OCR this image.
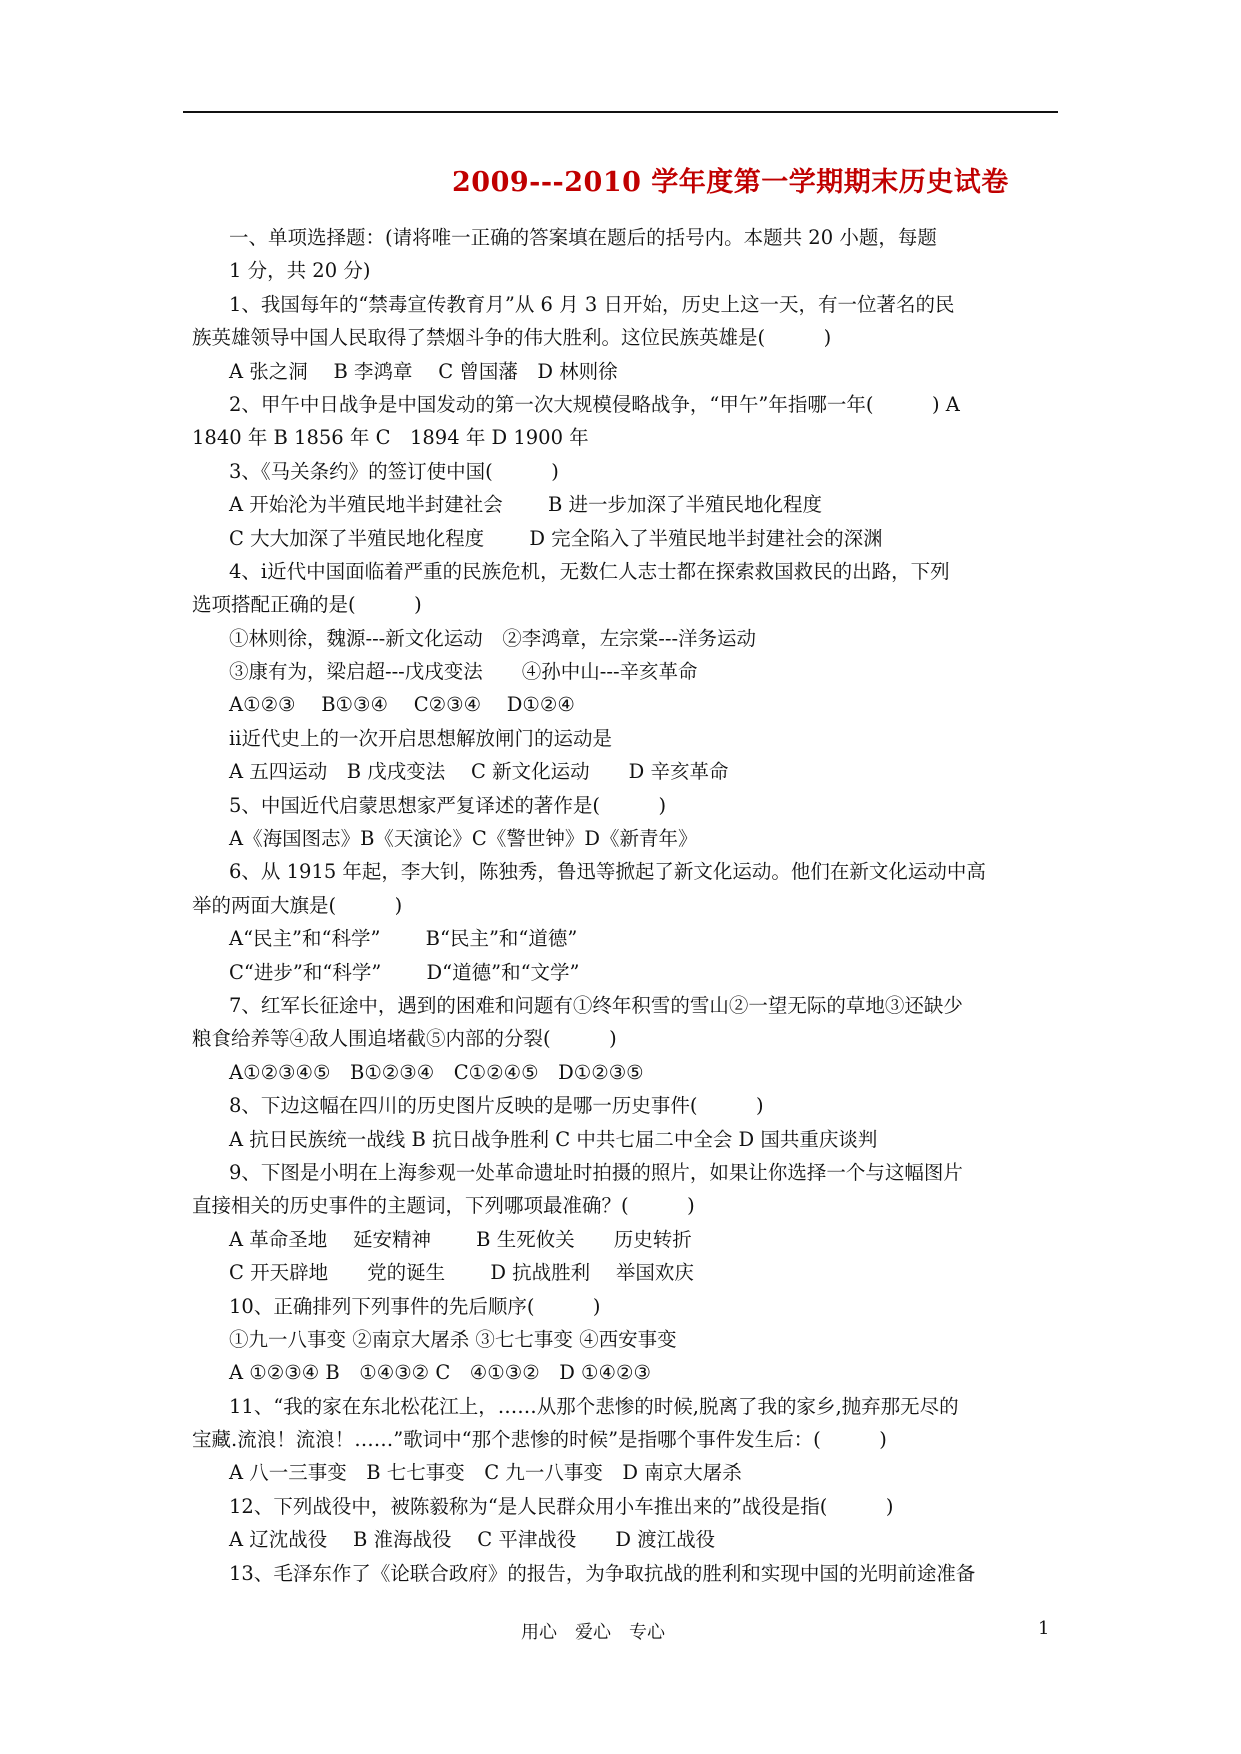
2009---2010 学年度第一学期期末历史试卷
一、单项选择题：(请将唯一正确的答案填在题后的括号内。本题共 20 小题，每题
1 分，共 20 分)
1、我国每年的“禁毒宣传教育月”从 6 月 3 日开始，历史上这一天，有一位著名的民
族英雄领导中国人民取得了禁烟斗争的伟大胜利。这位民族英雄是(　　　)
A 张之洞　 B 李鸿章　 C 曾国藩　D 林则徐
2、甲午中日战争是中国发动的第一次大规模侵略战争，“甲午”年指哪一年(　　　) A
1840 年 B 1856 年 C　1894 年 D 1900 年
3、《马关条约》的签订使中国(　　　)
A 开始沦为半殖民地半封建社会　　 B 进一步加深了半殖民地化程度
C 大大加深了半殖民地化程度　　 D 完全陷入了半殖民地半封建社会的深渊
4、ⅰ近代中国面临着严重的民族危机，无数仁人志士都在探索救国救民的出路，下列
选项搭配正确的是(　　　)
①林则徐，魏源---新文化运动　②李鸿章，左宗棠---洋务运动
③康有为，梁启超---戊戌变法　　④孙中山---辛亥革命
A①②③　 B①③④　 C②③④　 D①②④
ⅱ近代史上的一次开启思想解放闸门的运动是
A 五四运动　B 戊戌变法　 C 新文化运动　　D 辛亥革命
5、中国近代启蒙思想家严复译述的著作是(　　　)
A《海国图志》B《天演论》C《警世钟》D《新青年》
6、从 1915 年起，李大钊，陈独秀，鲁迅等掀起了新文化运动。他们在新文化运动中高
举的两面大旗是(　　　)
A“民主”和“科学”　　 B“民主”和“道德”
C“进步”和“科学”　　 D“道德”和“文学”
7、红军长征途中，遇到的困难和问题有①终年积雪的雪山②一望无际的草地③还缺少
粮食给养等④敌人围追堵截⑤内部的分裂(　　　)
A①②③④⑤　B①②③④　C①②④⑤　D①②③⑤
8、下边这幅在四川的历史图片反映的是哪一历史事件(　　　)
A 抗日民族统一战线 B 抗日战争胜利 C 中共七届二中全会 D 国共重庆谈判
9、下图是小明在上海参观一处革命遗址时拍摄的照片，如果让你选择一个与这幅图片
直接相关的历史事件的主题词，下列哪项最准确？(　　　)
A 革命圣地　 延安精神　　 B 生死攸关　　历史转折
C 开天辟地　　党的诞生　　 D 抗战胜利　 举国欢庆
10、正确排列下列事件的先后顺序(　　　)
①九一八事变 ②南京大屠杀 ③七七事变 ④西安事变
A ①②③④ B　①④③② C　④①③②　D ①④②③
11、“我的家在东北松花江上，……从那个悲惨的时候,脱离了我的家乡,抛弃那无尽的
宝藏.流浪！流浪！……”歌词中“那个悲惨的时候”是指哪个事件发生后：(　　　)
A 八一三事变　B 七七事变　C 九一八事变　D 南京大屠杀
12、下列战役中，被陈毅称为“是人民群众用小车推出来的”战役是指(　　　)
A 辽沈战役　 B 淮海战役　 C 平津战役　　D 渡江战役
13、毛泽东作了《论联合政府》的报告，为争取抗战的胜利和实现中国的光明前途准备
用心　爱心　专心	1
